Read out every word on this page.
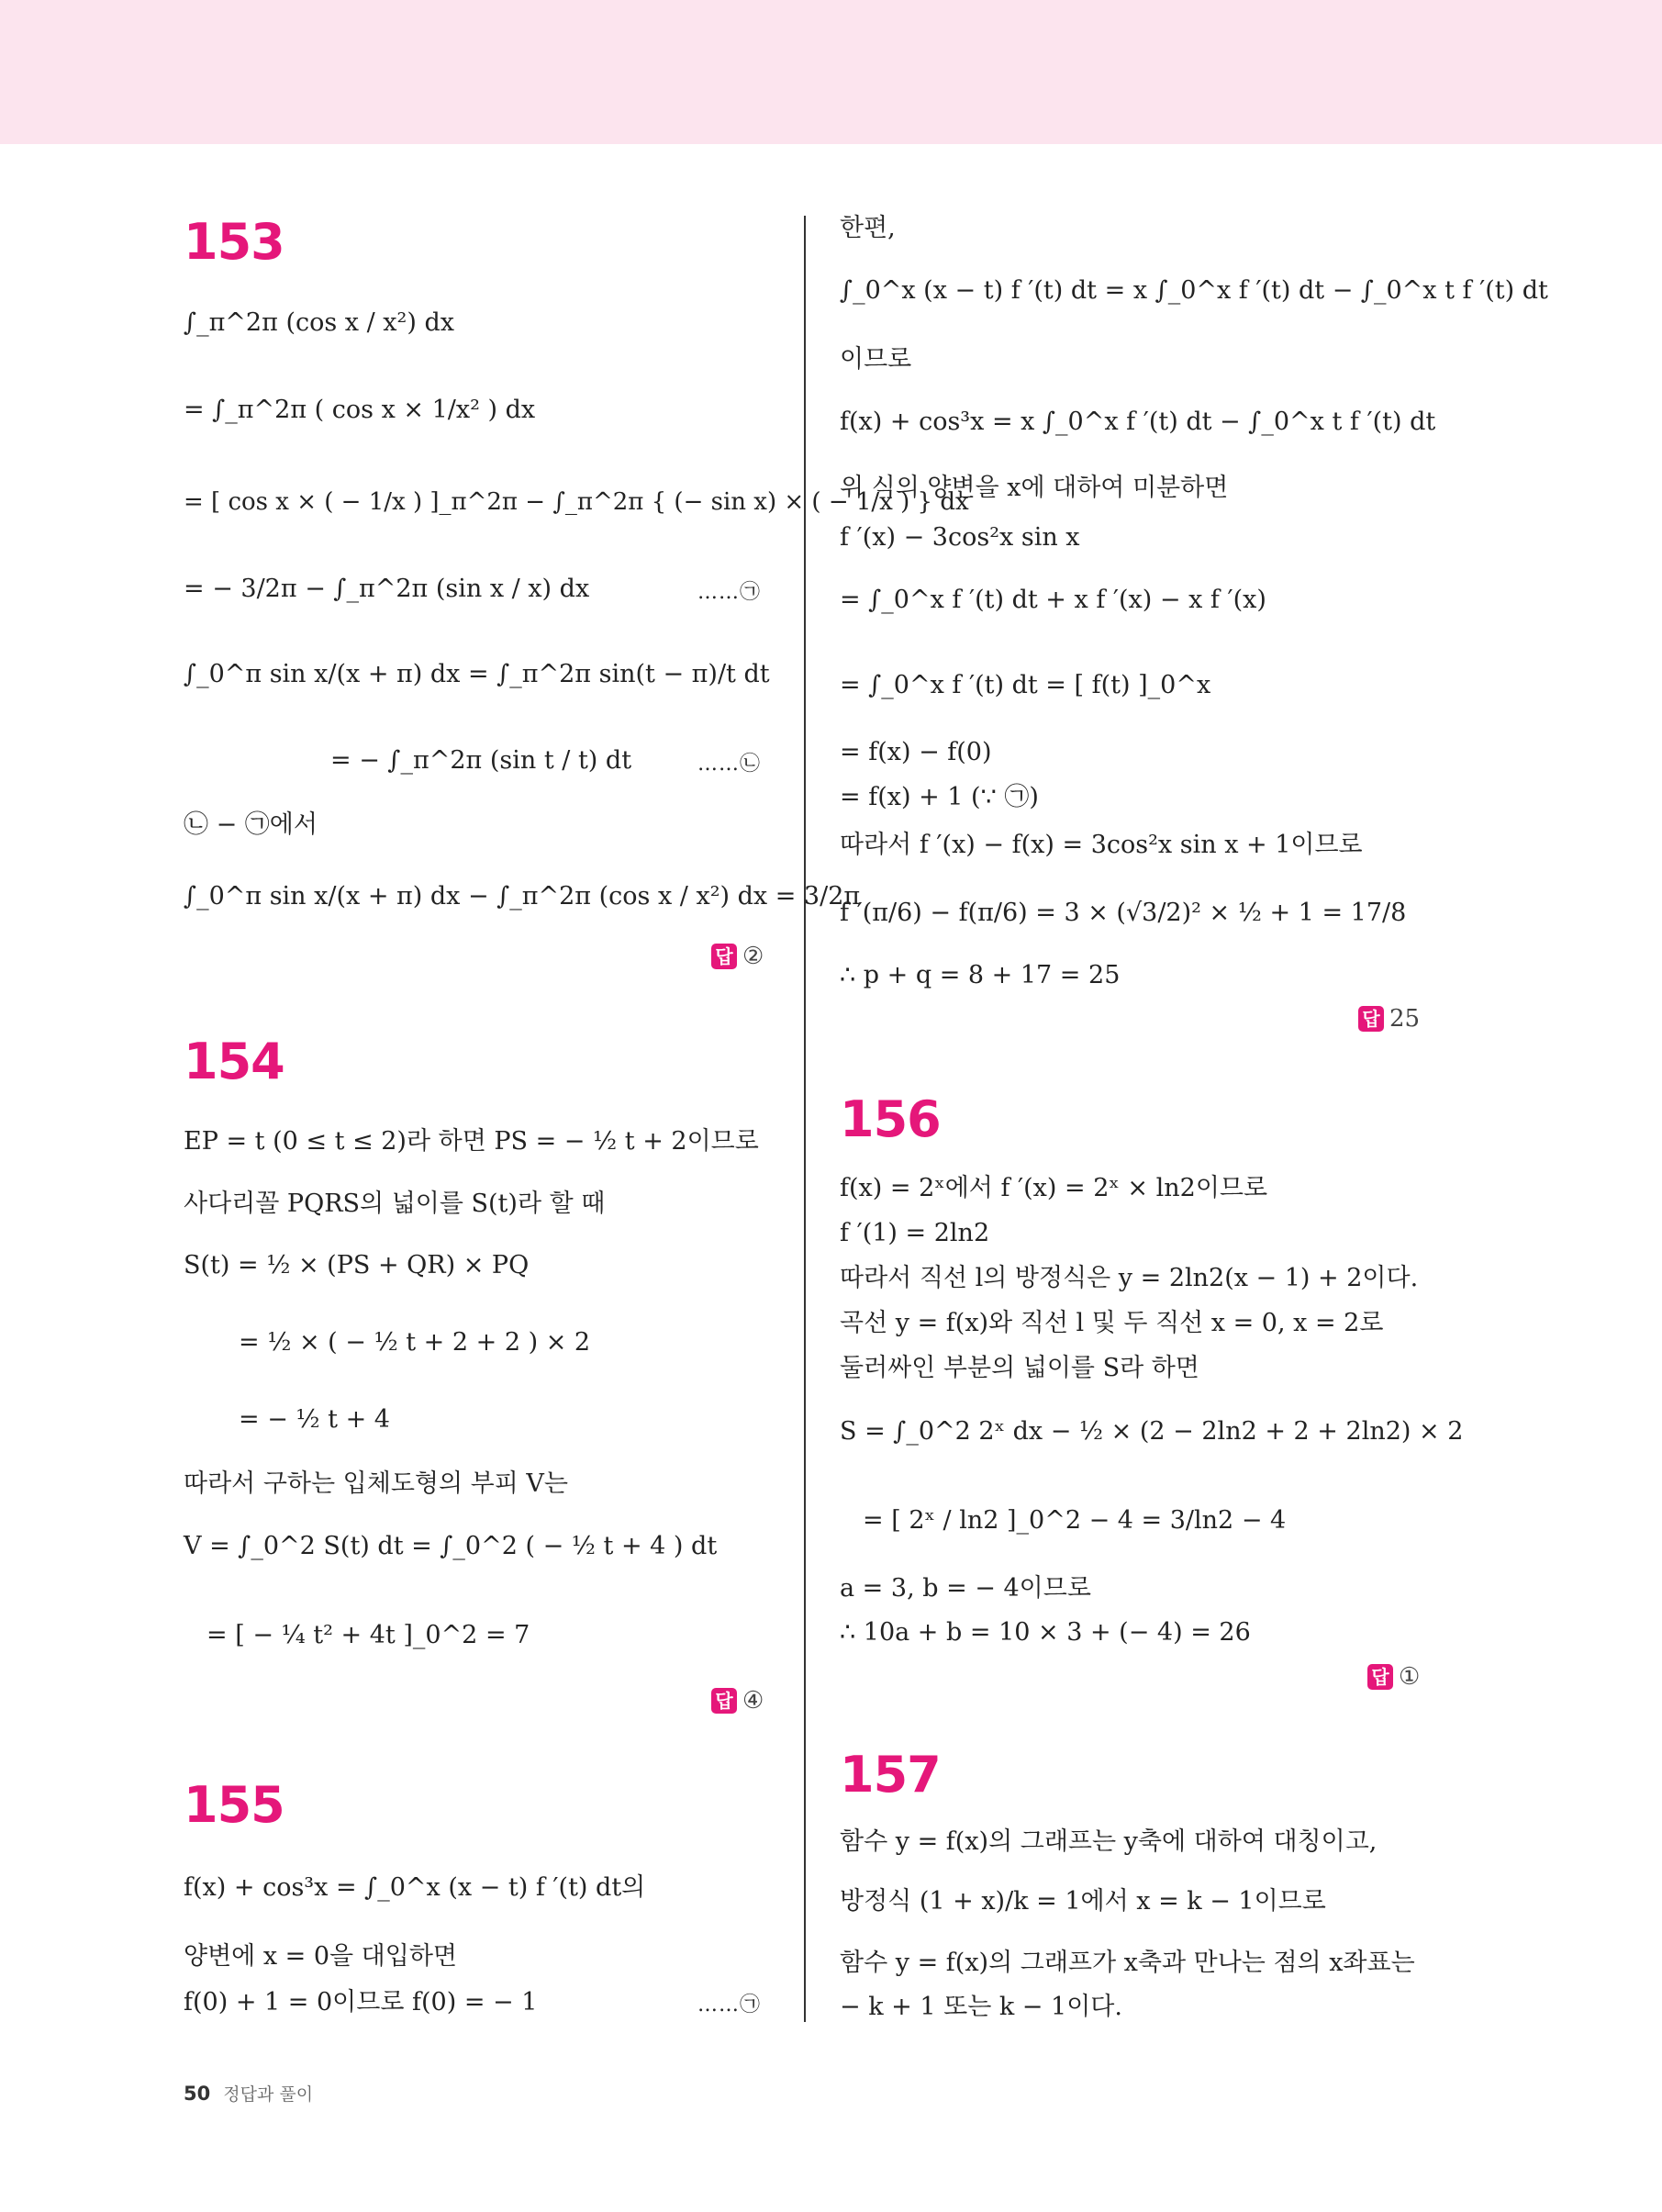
153
∫_π^2π (cos x / x²) dx
= ∫_π^2π ( cos x × 1/x² ) dx
= [ cos x × ( − 1/x ) ]_π^2π − ∫_π^2π { (− sin x) × ( − 1/x ) } dx
= − 3/2π − ∫_π^2π (sin x / x) dx	……㉠
∫_0^π sin x/(x + π) dx = ∫_π^2π sin(t − π)/t dt
= − ∫_π^2π (sin t / t) dt	……㉡
㉡ − ㉠에서
∫_0^π sin x/(x + π) dx − ∫_π^2π (cos x / x²) dx = 3/2π
답 ②
154
EP = t (0 ≤ t ≤ 2)라 하면 PS = − ½ t + 2이므로
사다리꼴 PQRS의 넓이를 S(t)라 할 때
S(t) = ½ × (PS + QR) × PQ
= ½ × ( − ½ t + 2 + 2 ) × 2
= − ½ t + 4
따라서 구하는 입체도형의 부피 V는
V = ∫_0^2 S(t) dt = ∫_0^2 ( − ½ t + 4 ) dt
= [ − ¼ t² + 4t ]_0^2 = 7
답 ④
155
f(x) + cos³x = ∫_0^x (x − t) f ′(t) dt의
양변에 x = 0을 대입하면
f(0) + 1 = 0이므로 f(0) = − 1	……㉠
한편,
∫_0^x (x − t) f ′(t) dt = x ∫_0^x f ′(t) dt − ∫_0^x t f ′(t) dt
이므로
f(x) + cos³x = x ∫_0^x f ′(t) dt − ∫_0^x t f ′(t) dt
위 식의 양변을 x에 대하여 미분하면
f ′(x) − 3cos²x sin x
= ∫_0^x f ′(t) dt + x f ′(x) − x f ′(x)
= ∫_0^x f ′(t) dt = [ f(t) ]_0^x
= f(x) − f(0)
= f(x) + 1 (∵ ㉠)
따라서 f ′(x) − f(x) = 3cos²x sin x + 1이므로
f ′(π/6) − f(π/6) = 3 × (√3/2)² × ½ + 1 = 17/8
∴ p + q = 8 + 17 = 25
답 25
156
f(x) = 2ˣ에서 f ′(x) = 2ˣ × ln2이므로
f ′(1) = 2ln2
따라서 직선 l의 방정식은 y = 2ln2(x − 1) + 2이다.
곡선 y = f(x)와 직선 l 및 두 직선 x = 0, x = 2로
둘러싸인 부분의 넓이를 S라 하면
S = ∫_0^2 2ˣ dx − ½ × (2 − 2ln2 + 2 + 2ln2) × 2
= [ 2ˣ / ln2 ]_0^2 − 4 = 3/ln2 − 4
a = 3, b = − 4이므로
∴ 10a + b = 10 × 3 + (− 4) = 26
답 ①
157
함수 y = f(x)의 그래프는 y축에 대하여 대칭이고,
방정식 (1 + x)/k = 1에서 x = k − 1이므로
함수 y = f(x)의 그래프가 x축과 만나는 점의 x좌표는
− k + 1 또는 k − 1이다.
50 정답과 풀이
